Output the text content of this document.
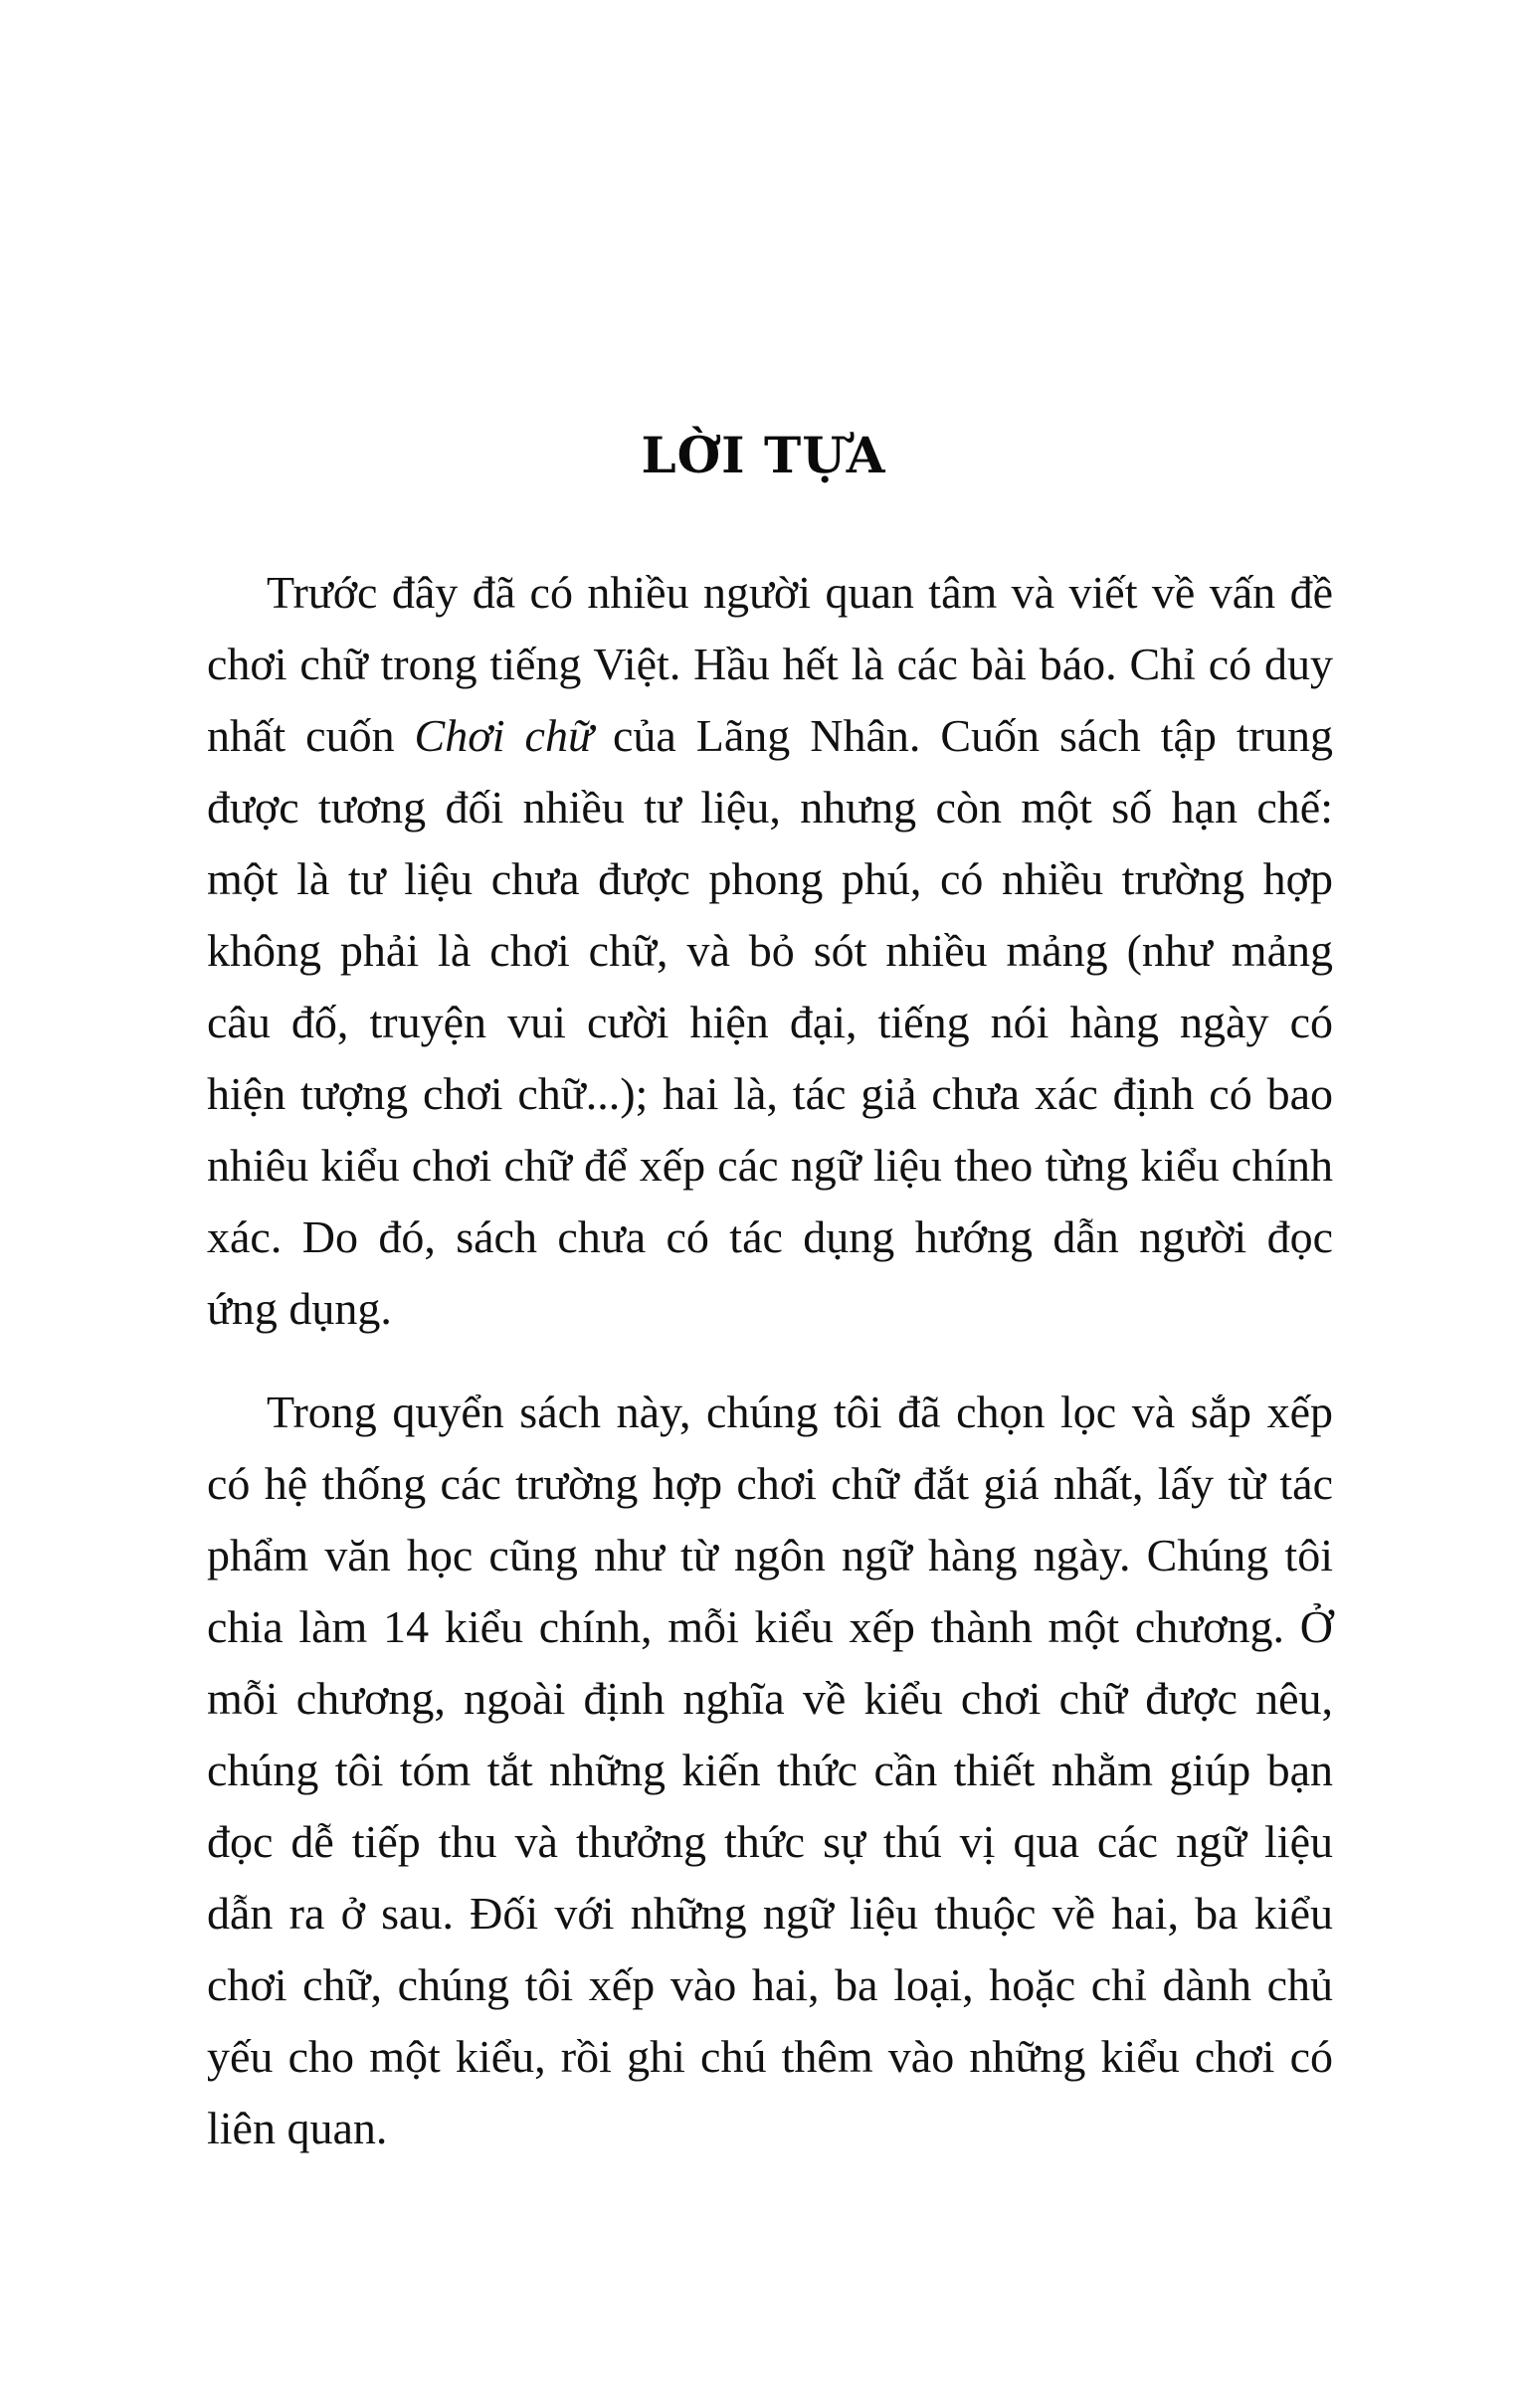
LỜI TỰA
Trước đây đã có nhiều người quan tâm và viết về vấn đề
chơi chữ trong tiếng Việt. Hầu hết là các bài báo. Chỉ có duy
nhất cuốn Chơi chữ của Lãng Nhân. Cuốn sách tập trung
được tương đối nhiều tư liệu, nhưng còn một số hạn chế:
một là tư liệu chưa được phong phú, có nhiều trường hợp
không phải là chơi chữ, và bỏ sót nhiều mảng (như mảng
câu đố, truyện vui cười hiện đại, tiếng nói hàng ngày có
hiện tượng chơi chữ...); hai là, tác giả chưa xác định có bao
nhiêu kiểu chơi chữ để xếp các ngữ liệu theo từng kiểu chính
xác. Do đó, sách chưa có tác dụng hướng dẫn người đọc
ứng dụng.
Trong quyển sách này, chúng tôi đã chọn lọc và sắp xếp
có hệ thống các trường hợp chơi chữ đắt giá nhất, lấy từ tác
phẩm văn học cũng như từ ngôn ngữ hàng ngày. Chúng tôi
chia làm 14 kiểu chính, mỗi kiểu xếp thành một chương. Ở
mỗi chương, ngoài định nghĩa về kiểu chơi chữ được nêu,
chúng tôi tóm tắt những kiến thức cần thiết nhằm giúp bạn
đọc dễ tiếp thu và thưởng thức sự thú vị qua các ngữ liệu
dẫn ra ở sau. Đối với những ngữ liệu thuộc về hai, ba kiểu
chơi chữ, chúng tôi xếp vào hai, ba loại, hoặc chỉ dành chủ
yếu cho một kiểu, rồi ghi chú thêm vào những kiểu chơi có
liên quan.
